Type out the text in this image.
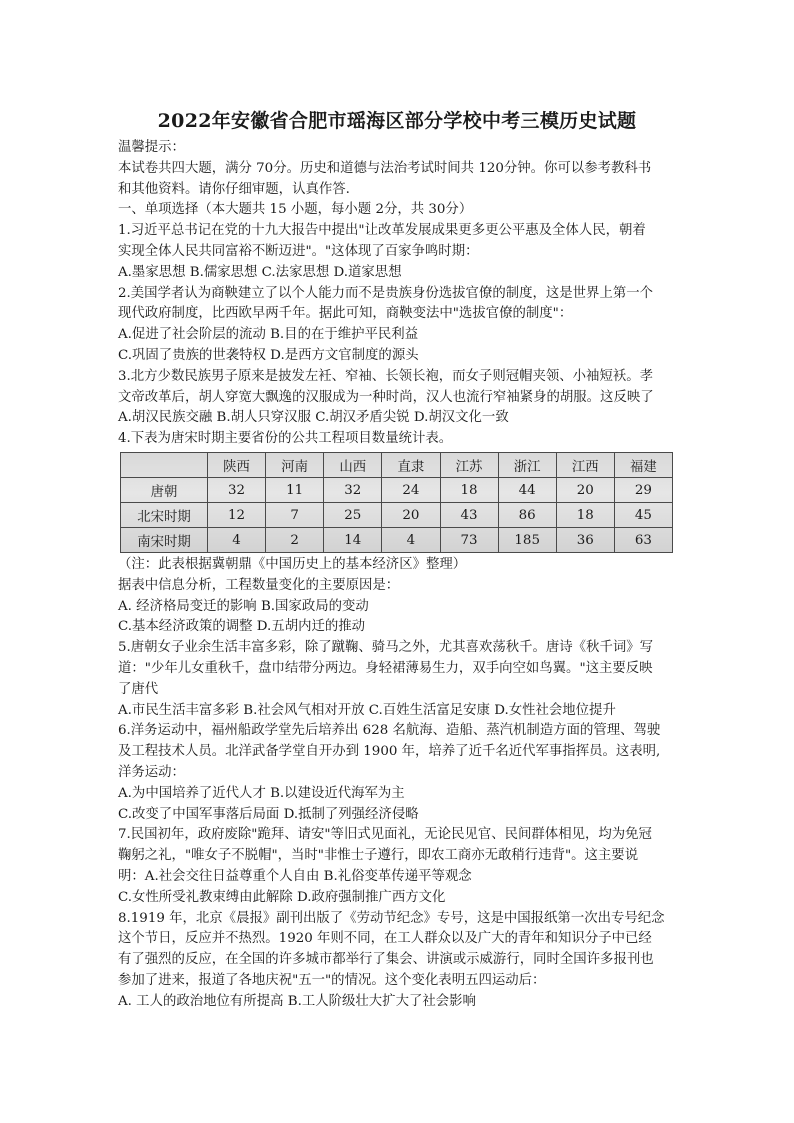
2022年安徽省合肥市瑶海区部分学校中考三模历史试题

温馨提示：

本试卷共四大题，满分 70分。历史和道德与法治考试时间共 120分钟。你可以参考教科书

和其他资料。请你仔细审题，认真作答.

一、单项选择（本大题共 15 小题，每小题 2分，共 30分）

1.习近平总书记在党的十九大报告中提出"让改革发展成果更多更公平惠及全体人民，朝着

实现全体人民共同富裕不断迈进"。"这体现了百家争鸣时期：

A.墨家思想 B.儒家思想 C.法家思想 D.道家思想

2.美国学者认为商鞅建立了以个人能力而不是贵族身份选拔官僚的制度，这是世界上第一个

现代政府制度，比西欧早两千年。据此可知，商鞅变法中"选拔官僚的制度"：

A.促进了社会阶层的流动 B.目的在于维护平民利益

C.巩固了贵族的世袭特权 D.是西方文官制度的源头

3.北方少数民族男子原来是披发左衽、窄袖、长领长袍，而女子则冠帽夹领、小袖短袄。孝

文帝改革后，胡人穿宽大飘逸的汉服成为一种时尚，汉人也流行窄袖紧身的胡服。这反映了

A.胡汉民族交融 B.胡人只穿汉服 C.胡汉矛盾尖锐 D.胡汉文化一致

4.下表为唐宋时期主要省份的公共工程项目数量统计表。

	陕西	河南	山西	直隶	江苏	浙江	江西	福建
唐朝	32	11	32	24	18	44	20	29
北宋时期	12	7	25	20	43	86	18	45
南宋时期	4	2	14	4	73	185	36	63

（注：此表根据冀朝鼎《中国历史上的基本经济区》整理）

据表中信息分析，工程数量变化的主要原因是：

A. 经济格局变迁的影响 B.国家政局的变动

C.基本经济政策的调整 D.五胡内迁的推动

5.唐朝女子业余生活丰富多彩，除了蹴鞠、骑马之外，尤其喜欢荡秋千。唐诗《秋千词》写

道："少年儿女重秋千，盘巾结带分两边。身轻裙薄易生力，双手向空如鸟翼。"这主要反映

了唐代

A.市民生活丰富多彩 B.社会风气相对开放 C.百姓生活富足安康 D.女性社会地位提升

6.洋务运动中，福州船政学堂先后培养出 628 名航海、造船、蒸汽机制造方面的管理、驾驶

及工程技术人员。北洋武备学堂自开办到 1900 年，培养了近千名近代军事指挥员。这表明,

洋务运动：

A.为中国培养了近代人才 B.以建设近代海军为主

C.改变了中国军事落后局面 D.抵制了列强经济侵略

7.民国初年，政府废除"跪拜、请安"等旧式见面礼，无论民见官、民间群体相见，均为免冠

鞠躬之礼，"唯女子不脱帽"，当时"非惟士子遵行，即农工商亦无敢稍行违背"。这主要说

明：A.社会交往日益尊重个人自由 B.礼俗变革传递平等观念

C.女性所受礼教束缚由此解除 D.政府强制推广西方文化

8.1919 年，北京《晨报》副刊出版了《劳动节纪念》专号，这是中国报纸第一次出专号纪念

这个节日，反应并不热烈。1920 年则不同，在工人群众以及广大的青年和知识分子中已经

有了强烈的反应，在全国的许多城市都举行了集会、讲演或示威游行，同时全国许多报刊也

参加了进来，报道了各地庆祝"五一"的情况。这个变化表明五四运动后：

A. 工人的政治地位有所提高 B.工人阶级壮大扩大了社会影响
